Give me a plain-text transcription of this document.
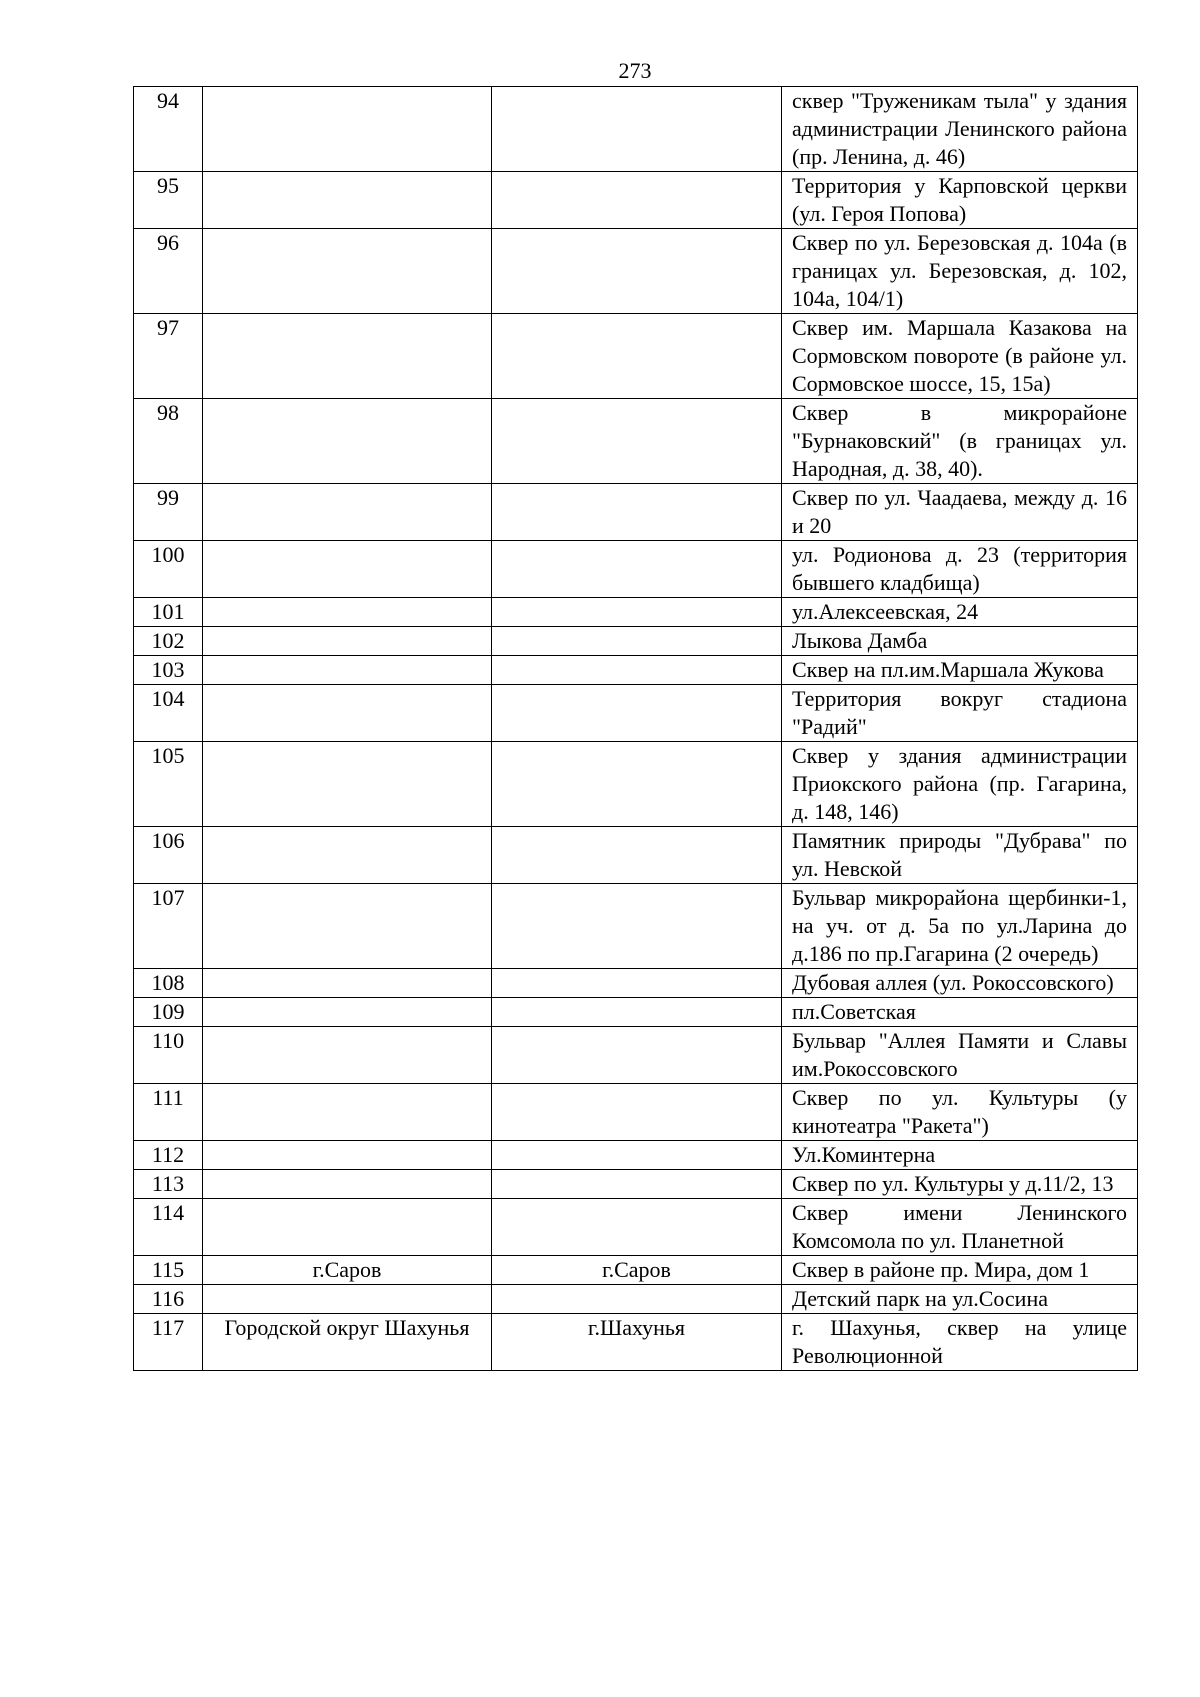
273
94			сквер "Труженикам тыла" у здания администрации Ленинского района (пр. Ленина, д. 46)
95			Территория у Карповской церкви (ул. Героя Попова)
96			Сквер по ул. Березовская д. 104а (в границах ул. Березовская, д. 102, 104а, 104/1)
97			Сквер им. Маршала Казакова на Сормовском повороте (в районе ул. Сормовское шоссе, 15, 15а)
98			Сквер в микрорайоне "Бурнаковский" (в границах ул. Народная, д. 38, 40).
99			Сквер по ул. Чаадаева, между д. 16 и 20
100			ул. Родионова д. 23 (территория бывшего кладбища)
101			ул.Алексеевская, 24
102			Лыкова Дамба
103			Сквер на пл.им.Маршала Жукова
104			Территория вокруг стадиона "Радий"
105			Сквер у здания администрации Приокского района (пр. Гагарина, д. 148, 146)
106			Памятник природы "Дубрава" по ул. Невской
107			Бульвар микрорайона щербинки-1, на уч. от д. 5а по ул.Ларина до д.186 по пр.Гагарина (2 очередь)
108			Дубовая аллея (ул. Рокоссовского)
109			пл.Советская
110			Бульвар "Аллея Памяти и Славы им.Рокоссовского
111			Сквер по ул. Культуры (у кинотеатра "Ракета")
112			Ул.Коминтерна
113			Сквер по ул. Культуры у д.11/2, 13
114			Сквер имени Ленинского Комсомола по ул. Планетной
115	г.Саров	г.Саров	Сквер в районе пр. Мира, дом 1
116			Детский парк на ул.Сосина
117	Городской округ Шахунья	г.Шахунья	г. Шахунья, сквер на улице Революционной
